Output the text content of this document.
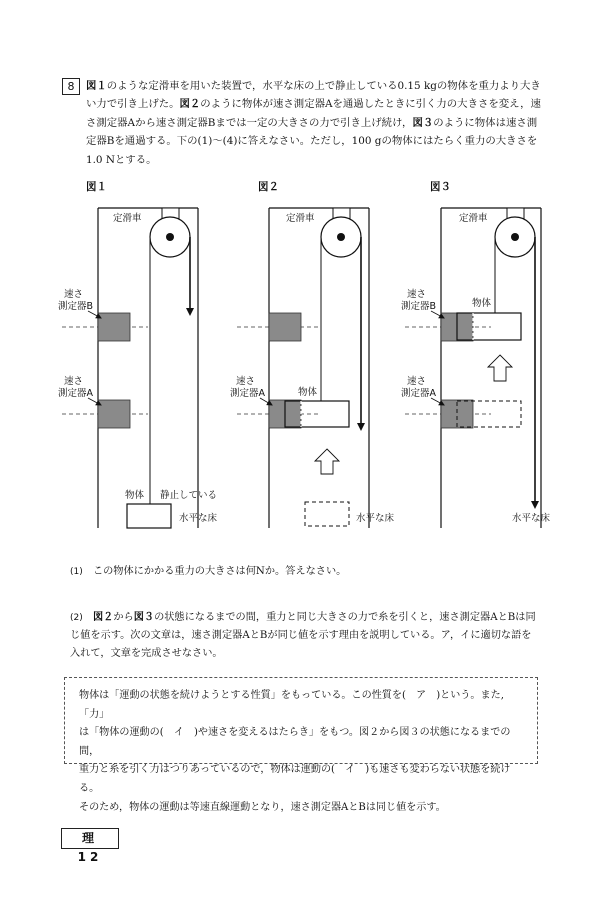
8	図１のような定滑車を用いた装置で，水平な床の上で静止している0.15 kgの物体を重力より大きい力で引き上げた。図２のように物体が速さ測定器Aを通過したときに引く力の大きさを変え，速さ測定器Aから速さ測定器Bまでは一定の大きさの力で引き上げ続け，図３のように物体は速さ測定器Bを通過する。下の(1)～(4)に答えなさい。ただし，100 gの物体にはたらく重力の大きさを1.0 Nとする。

図１
定滑車
速さ
測定器B
速さ
測定器A
物体 静止している
水平な床
図２
定滑車
速さ
測定器A	物体
水平な床
図３
定滑車
速さ
測定器B	物体
速さ
測定器A
水平な床

(1)　 この物体にかかる重力の大きさは何Nか。答えなさい。

(2)　 図２から図３の状態になるまでの間，重力と同じ大きさの力で糸を引くと，速さ測定器AとBは同じ値を示す。次の文章は，速さ測定器AとBが同じ値を示す理由を説明している。ア，イに適切な語を入れて，文章を完成させなさい。

物体は「運動の状態を続けようとする性質」をもっている。この性質を(　ア　)という。また,「力」
は「物体の運動の(　イ　)や速さを変えるはたらき」をもつ。図２から図３の状態になるまでの間，
重力と糸を引く力はつりあっているので，物体は運動の(　イ　)も速さも変わらない状態を続ける。
そのため，物体の運動は等速直線運動となり，速さ測定器AとBは同じ値を示す。
理　12
